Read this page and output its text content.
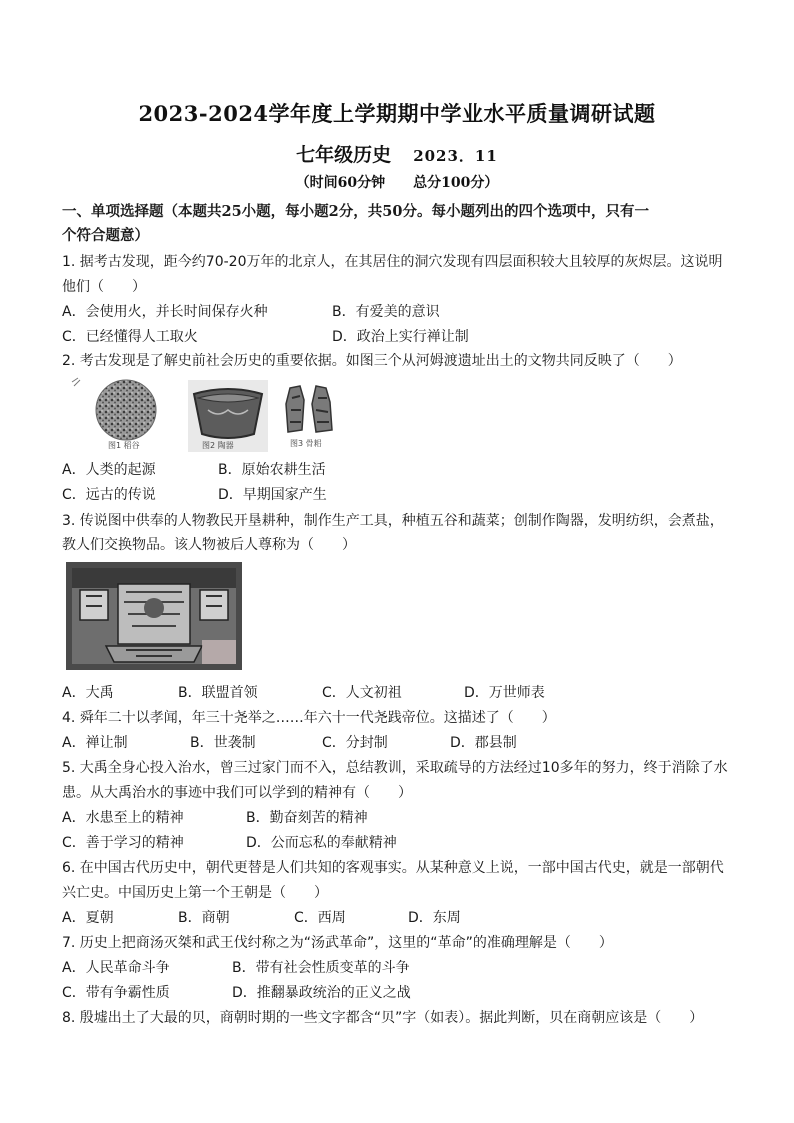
2023-2024学年度上学期期中学业水平质量调研试题
七年级历史 2023．11
（时间60分钟 总分100分）
一、单项选择题（本题共25小题，每小题2分，共50分。每小题列出的四个选项中，只有一
个符合题意）
1. 据考古发现，距今约70-20万年的北京人，在其居住的洞穴发现有四层面积较大且较厚的灰烬层。这说明
他们（　　）
A．会使用火，并长时间保存火种	B．有爱美的意识
C．已经懂得人工取火	D．政治上实行禅让制
2. 考古发现是了解史前社会历史的重要依据。如图三个从河姆渡遗址出土的文物共同反映了（　　）
图1 稻谷	图2 陶器	图3 骨耜
A．人类的起源	B．原始农耕生活
C．远古的传说	D．早期国家产生
3. 传说图中供奉的人物教民开垦耕种，制作生产工具，种植五谷和蔬菜；创制作陶器，发明纺织，会煮盐，
教人们交换物品。该人物被后人尊称为（　　）
A．大禹	B．联盟首领	C．人文初祖	D．万世师表
4. 舜年二十以孝闻，年三十尧举之……年六十一代尧践帝位。这描述了（　　）
A．禅让制	B．世袭制	C．分封制	D．郡县制
5. 大禹全身心投入治水，曾三过家门而不入，总结教训，采取疏导的方法经过10多年的努力，终于消除了水
患。从大禹治水的事迹中我们可以学到的精神有（　　）
A．水患至上的精神	B．勤奋刻苦的精神
C．善于学习的精神	D．公而忘私的奉献精神
6. 在中国古代历史中，朝代更替是人们共知的客观事实。从某种意义上说，一部中国古代史，就是一部朝代
兴亡史。中国历史上第一个王朝是（　　）
A．夏朝	B．商朝	C．西周	D．东周
7. 历史上把商汤灭桀和武王伐纣称之为“汤武革命”，这里的“革命”的准确理解是（　　）
A．人民革命斗争	B．带有社会性质变革的斗争
C．带有争霸性质	D．推翻暴政统治的正义之战
8. 殷墟出土了大最的贝，商朝时期的一些文字都含“贝”字（如表）。据此判断，贝在商朝应该是（　　）
